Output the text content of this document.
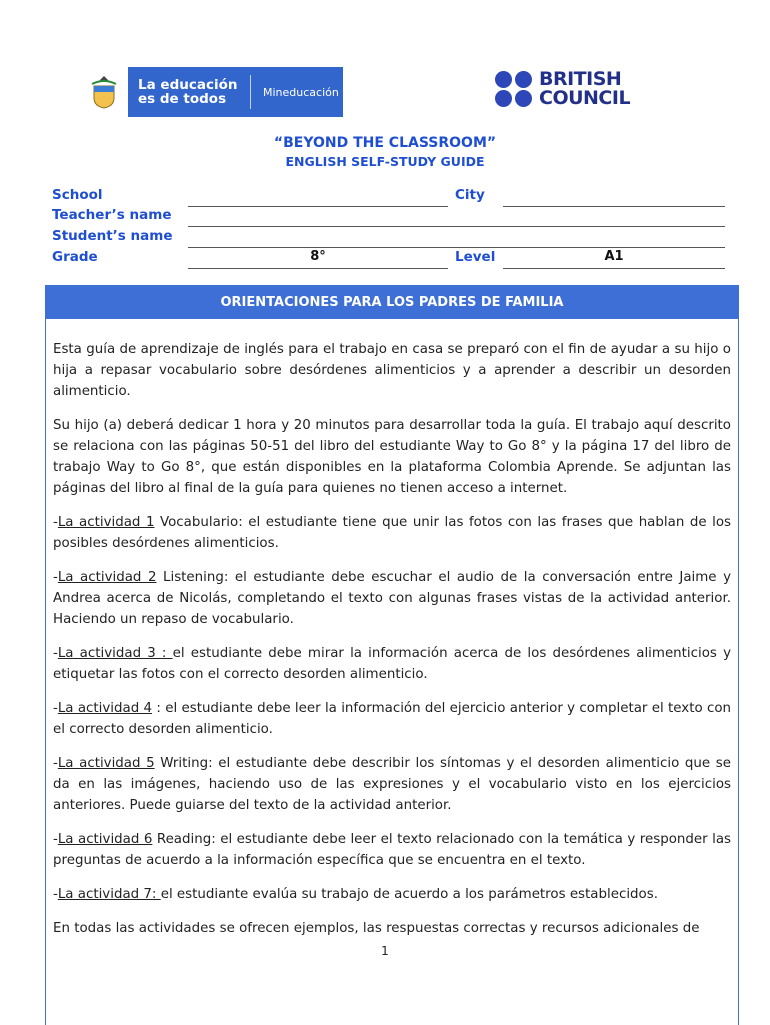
La educación
es de todos	Mineducación
BRITISH
COUNCIL
“BEYOND THE CLASSROOM”
ENGLISH SELF-STUDY GUIDE
School	City
Teacher’s name
Student’s name
Grade	8°	Level	A1
ORIENTACIONES PARA LOS PADRES DE FAMILIA

Esta guía de aprendizaje de inglés para el trabajo en casa se preparó con el fin de ayudar a su hijo o hija a repasar vocabulario sobre desórdenes alimenticios y a aprender a describir un desorden alimenticio.

Su hijo (a) deberá dedicar 1 hora y 20 minutos para desarrollar toda la guía. El trabajo aquí descrito se relaciona con las páginas 50-51 del libro del estudiante Way to Go 8° y la página 17 del libro de trabajo Way to Go 8°, que están disponibles en la plataforma Colombia Aprende. Se adjuntan las páginas del libro al final de la guía para quienes no tienen acceso a internet.

-La actividad 1 Vocabulario: el estudiante tiene que unir las fotos con las frases que hablan de los posibles desórdenes alimenticios.

-La actividad 2 Listening: el estudiante debe escuchar el audio de la conversación entre Jaime y Andrea acerca de Nicolás, completando el texto con algunas frases vistas de la actividad anterior. Haciendo un repaso de vocabulario.

-La actividad 3 : el estudiante debe mirar la información acerca de los desórdenes alimenticios y etiquetar las fotos con el correcto desorden alimenticio.

-La actividad 4 : el estudiante debe leer la información del ejercicio anterior y completar el texto con el correcto desorden alimenticio.

-La actividad 5 Writing: el estudiante debe describir los síntomas y el desorden alimenticio que se da en las imágenes, haciendo uso de las expresiones y el vocabulario visto en los ejercicios anteriores. Puede guiarse del texto de la actividad anterior.

-La actividad 6 Reading: el estudiante debe leer el texto relacionado con la temática y responder las preguntas de acuerdo a la información específica que se encuentra en el texto.

-La actividad 7: el estudiante evalúa su trabajo de acuerdo a los parámetros establecidos.

En todas las actividades se ofrecen ejemplos, las respuestas correctas y recursos adicionales de

1
